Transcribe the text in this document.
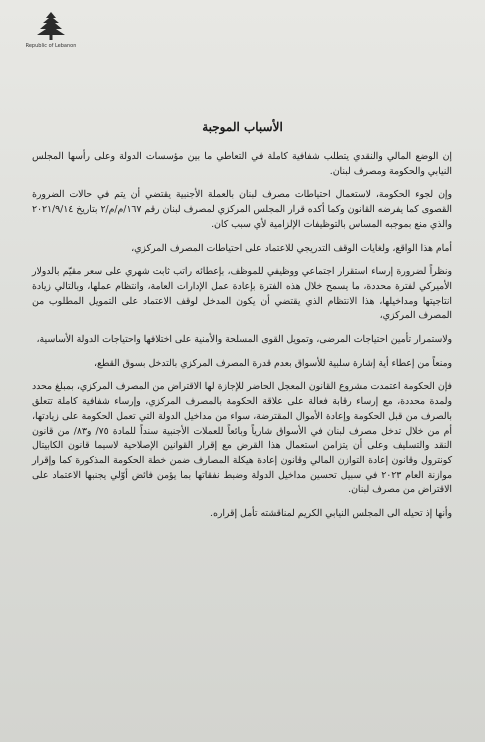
Republic of Lebanon
الأسباب الموجبة

إن الوضع المالي والنقدي يتطلب شفافية كاملة في التعاطي ما بين مؤسسات الدولة وعلى رأسها المجلس النيابي والحكومة ومصرف لبنان.

وإن لجوء الحكومة، لاستعمال احتياطات مصرف لبنان بالعملة الأجنبية يقتضي أن يتم في حالات الضرورة القصوى كما يفرضه القانون وكما أكده قرار المجلس المركزي لمصرف لبنان رقم ١٦٧/م/م/٢ بتاريخ ٢٠٢١/٩/١٤ والذي منع بموجبه المساس بالتوظيفات الإلزامية لأي سبب كان.

أمام هذا الواقع، ولغايات الوقف التدريجي للاعتماد على احتياطات المصرف المركزي،

ونظراً لضرورة إرساء استقرار اجتماعي ووظيفي للموظف، بإعطائه راتب ثابت شهري على سعر مقيّم بالدولار الأميركي لفترة محددة، ما يسمح خلال هذه الفترة بإعادة عمل الإدارات العامة، وانتظام عملها، وبالتالي زيادة انتاجيتها ومداخيلها، هذا الانتظام الذي يقتضي أن يكون المدخل لوقف الاعتماد على التمويل المطلوب من المصرف المركزي،

ولاستمرار تأمين احتياجات المرضى، وتمويل القوى المسلحة والأمنية على اختلافها واحتياجات الدولة الأساسية،

ومنعاً من إعطاء أية إشارة سلبية للأسواق بعدم قدرة المصرف المركزي بالتدخل بسوق القطع،

فإن الحكومة اعتمدت مشروع القانون المعجل الحاضر للإجازة لها الاقتراض من المصرف المركزي، بمبلغ محدد ولمدة محددة، مع إرساء رقابة فعالة على علاقة الحكومة بالمصرف المركزي، وإرساء شفافية كاملة تتعلق بالصرف من قبل الحكومة وإعادة الأموال المقترضة، سواء من مداخيل الدولة التي تعمل الحكومة على زيادتها، أم من خلال تدخل مصرف لبنان في الأسواق شارياً وبائعاً للعملات الأجنبية سنداً للمادة ٧٥/ و٨٣/ من قانون النقد والتسليف وعلى أن يتزامن استعمال هذا القرض مع إقرار القوانين الإصلاحية لاسيما قانون الكابيتال كونترول وقانون إعادة التوازن المالي وقانون إعادة هيكلة المصارف ضمن خطة الحكومة المذكورة كما وإقرار موازنة العام ٢٠٢٣ في سبيل تحسين مداخيل الدولة وضبط نفقاتها بما يؤمن فائض أوّلي يجنبها الاعتماد على الاقتراض من مصرف لبنان.

وأنها إذ تحيله الى المجلس النيابي الكريم لمناقشته تأمل إقراره.
